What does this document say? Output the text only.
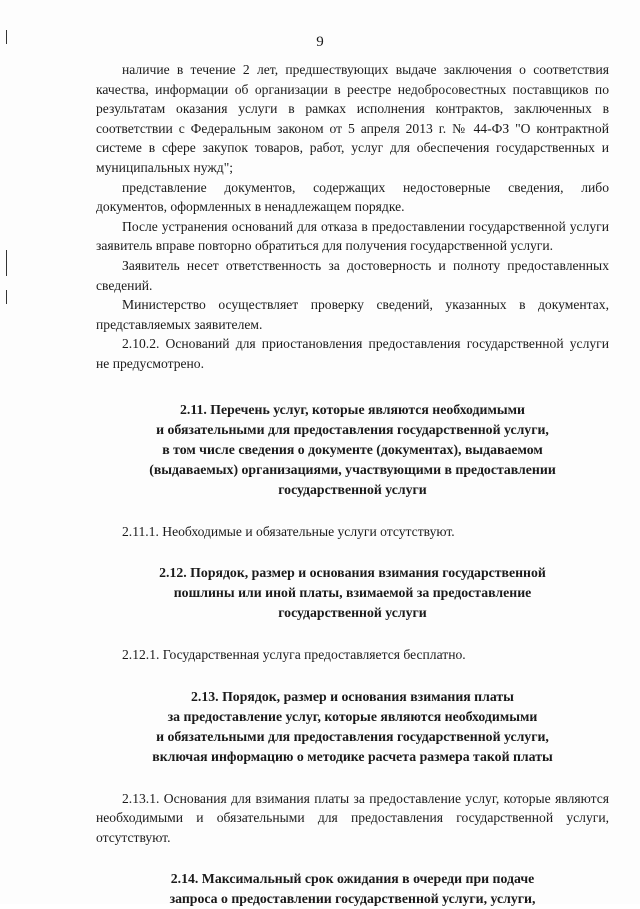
9

наличие в течение 2 лет, предшествующих выдаче заключения о соответствия качества, информации об организации в реестре недобросовестных поставщиков по результатам оказания услуги в рамках исполнения контрактов, заключенных в соответствии с Федеральным законом от 5 апреля 2013 г. № 44-ФЗ "О контрактной системе в сфере закупок товаров, работ, услуг для обеспечения государственных и муниципальных нужд";

представление документов, содержащих недостоверные сведения, либо документов, оформленных в ненадлежащем порядке.

После устранения оснований для отказа в предоставлении государственной услуги заявитель вправе повторно обратиться для получения государственной услуги.

Заявитель несет ответственность за достоверность и полноту предоставленных сведений.

Министерство осуществляет проверку сведений, указанных в документах, представляемых заявителем.

2.10.2. Оснований для приостановления предоставления государственной услуги не предусмотрено.

2.11. Перечень услуг, которые являются необходимыми

и обязательными для предоставления государственной услуги,

в том числе сведения о документе (документах), выдаваемом

(выдаваемых) организациями, участвующими в предоставлении

государственной услуги

2.11.1. Необходимые и обязательные услуги отсутствуют.

2.12. Порядок, размер и основания взимания государственной

пошлины или иной платы, взимаемой за предоставление

государственной услуги

2.12.1. Государственная услуга предоставляется бесплатно.

2.13. Порядок, размер и основания взимания платы

за предоставление услуг, которые являются необходимыми

и обязательными для предоставления государственной услуги,

включая информацию о методике расчета размера такой платы

2.13.1. Основания для взимания платы за предоставление услуг, которые являются необходимыми и обязательными для предоставления государственной услуги, отсутствуют.

2.14. Максимальный срок ожидания в очереди при подаче

запроса о предоставлении государственной услуги, услуги,
